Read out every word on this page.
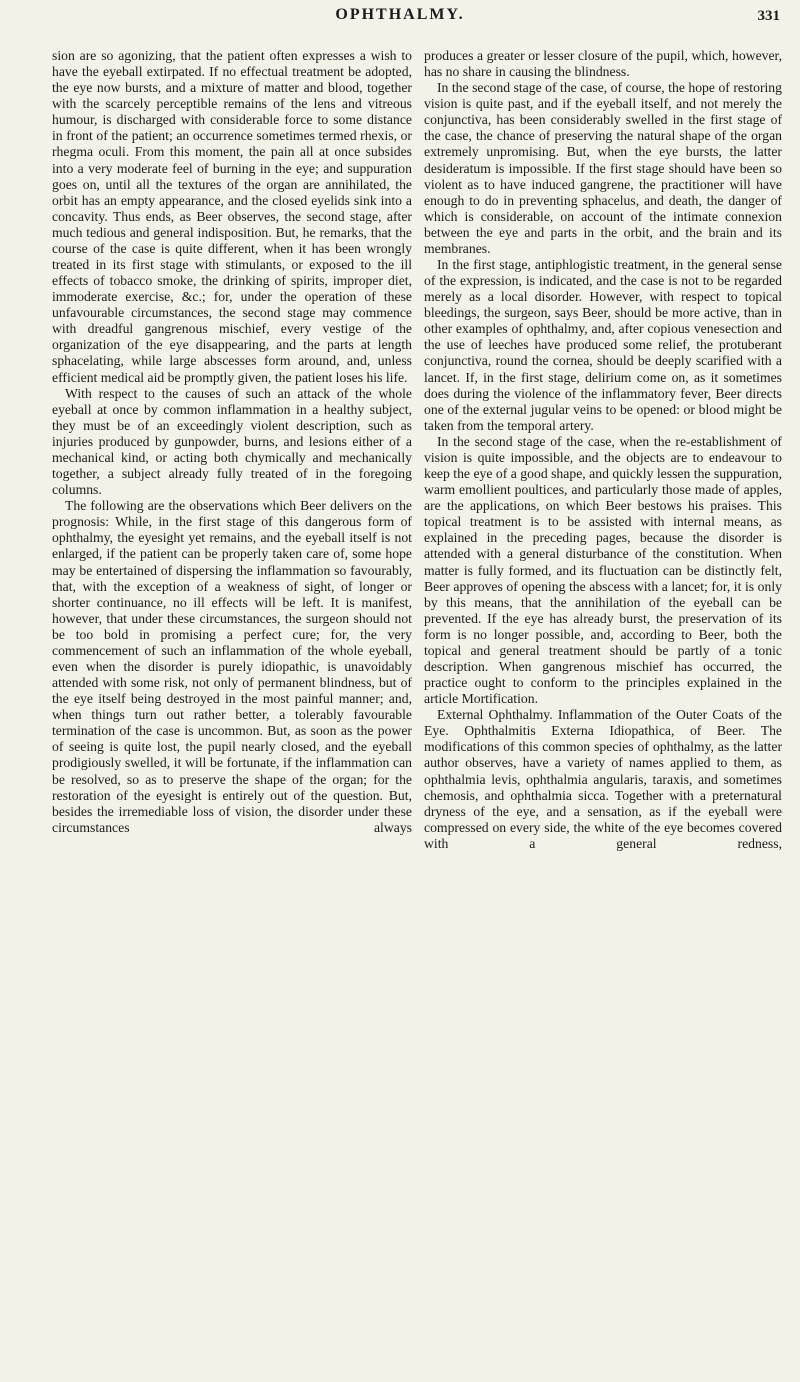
OPHTHALMY.	331

sion are so agonizing, that the patient often expresses a wish to have the eyeball extirpated. If no effectual treatment be adopted, the eye now bursts, and a mixture of matter and blood, together with the scarcely perceptible remains of the lens and vitreous humour, is discharged with considerable force to some distance in front of the patient; an occurrence sometimes termed rhexis, or rhegma oculi. From this moment, the pain all at once subsides into a very moderate feel of burning in the eye; and suppuration goes on, until all the textures of the organ are annihilated, the orbit has an empty appearance, and the closed eyelids sink into a concavity. Thus ends, as Beer observes, the second stage, after much tedious and general indisposition. But, he remarks, that the course of the case is quite different, when it has been wrongly treated in its first stage with stimulants, or exposed to the ill effects of tobacco smoke, the drinking of spirits, improper diet, immoderate exercise, &c.; for, under the operation of these unfavourable circumstances, the second stage may commence with dreadful gangrenous mischief, every vestige of the organization of the eye disappearing, and the parts at length sphacelating, while large abscesses form around, and, unless efficient medical aid be promptly given, the patient loses his life.

With respect to the causes of such an attack of the whole eyeball at once by common inflammation in a healthy subject, they must be of an exceedingly violent description, such as injuries produced by gunpowder, burns, and lesions either of a mechanical kind, or acting both chymically and mechanically together, a subject already fully treated of in the foregoing columns.

The following are the observations which Beer delivers on the prognosis: While, in the first stage of this dangerous form of ophthalmy, the eyesight yet remains, and the eyeball itself is not enlarged, if the patient can be properly taken care of, some hope may be entertained of dispersing the inflammation so favourably, that, with the exception of a weakness of sight, of longer or shorter continuance, no ill effects will be left. It is manifest, however, that under these circumstances, the surgeon should not be too bold in promising a perfect cure; for, the very commencement of such an inflammation of the whole eyeball, even when the disorder is purely idiopathic, is unavoidably attended with some risk, not only of permanent blindness, but of the eye itself being destroyed in the most painful manner; and, when things turn out rather better, a tolerably favourable termination of the case is uncommon. But, as soon as the power of seeing is quite lost, the pupil nearly closed, and the eyeball prodigiously swelled, it will be fortunate, if the inflammation can be resolved, so as to preserve the shape of the organ; for the restoration of the eyesight is entirely out of the question. But, besides the irremediable loss of vision, the disorder under these circumstances always

produces a greater or lesser closure of the pupil, which, however, has no share in causing the blindness.

In the second stage of the case, of course, the hope of restoring vision is quite past, and if the eyeball itself, and not merely the conjunctiva, has been considerably swelled in the first stage of the case, the chance of preserving the natural shape of the organ extremely unpromising. But, when the eye bursts, the latter desideratum is impossible. If the first stage should have been so violent as to have induced gangrene, the practitioner will have enough to do in preventing sphacelus, and death, the danger of which is considerable, on account of the intimate connexion between the eye and parts in the orbit, and the brain and its membranes.

In the first stage, antiphlogistic treatment, in the general sense of the expression, is indicated, and the case is not to be regarded merely as a local disorder. However, with respect to topical bleedings, the surgeon, says Beer, should be more active, than in other examples of ophthalmy, and, after copious venesection and the use of leeches have produced some relief, the protuberant conjunctiva, round the cornea, should be deeply scarified with a lancet. If, in the first stage, delirium come on, as it sometimes does during the violence of the inflammatory fever, Beer directs one of the external jugular veins to be opened: or blood might be taken from the temporal artery.

In the second stage of the case, when the re-establishment of vision is quite impossible, and the objects are to endeavour to keep the eye of a good shape, and quickly lessen the suppuration, warm emollient poultices, and particularly those made of apples, are the applications, on which Beer bestows his praises. This topical treatment is to be assisted with internal means, as explained in the preceding pages, because the disorder is attended with a general disturbance of the constitution. When matter is fully formed, and its fluctuation can be distinctly felt, Beer approves of opening the abscess with a lancet; for, it is only by this means, that the annihilation of the eyeball can be prevented. If the eye has already burst, the preservation of its form is no longer possible, and, according to Beer, both the topical and general treatment should be partly of a tonic description. When gangrenous mischief has occurred, the practice ought to conform to the principles explained in the article Mortification.

External Ophthalmy. Inflammation of the Outer Coats of the Eye. Ophthalmitis Externa Idiopathica, of Beer. The modifications of this common species of ophthalmy, as the latter author observes, have a variety of names applied to them, as ophthalmia levis, ophthalmia angularis, taraxis, and sometimes chemosis, and ophthalmia sicca. Together with a preternatural dryness of the eye, and a sensation, as if the eyeball were compressed on every side, the white of the eye becomes covered with a general redness,
